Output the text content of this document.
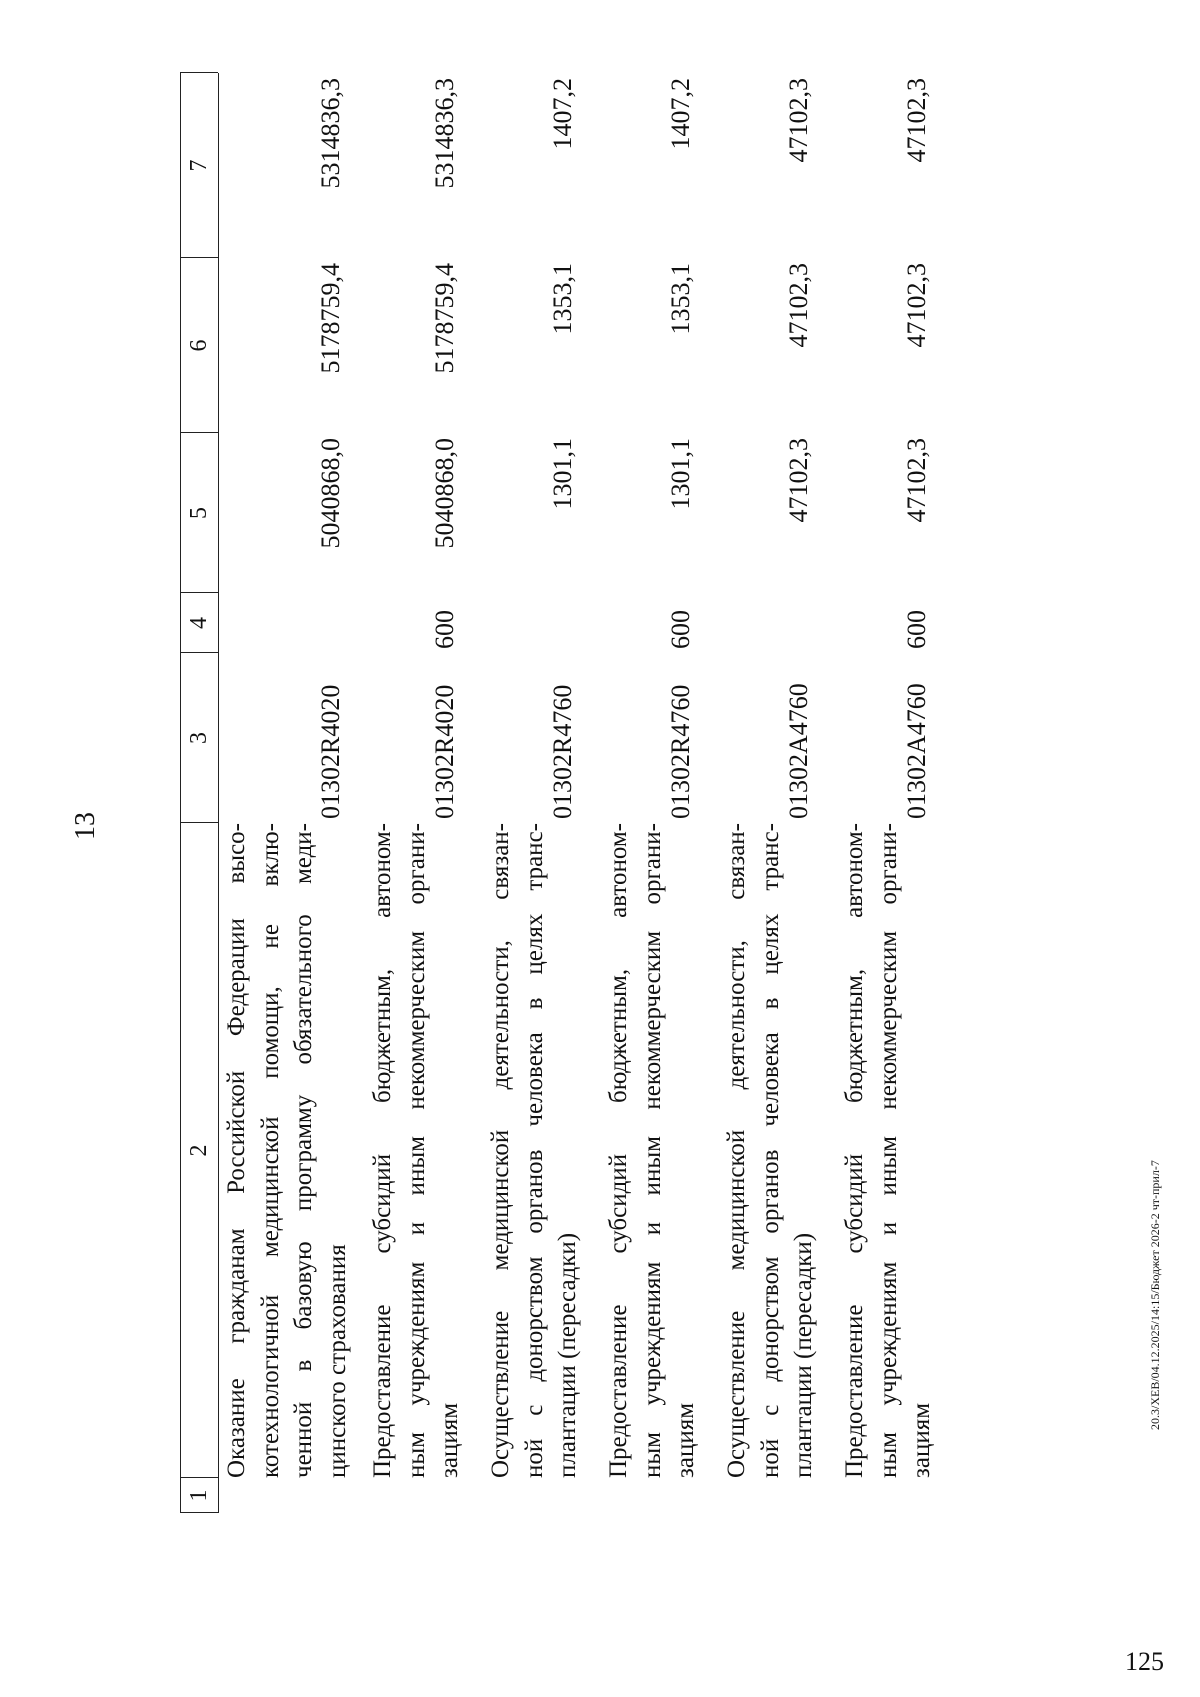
13
1
2
3
4
5
6
7
Оказание гражданам Российской Федерации высо- котехнологичной медицинской помощи, не вклю- ченной в базовую программу обязательного меди- цинского страхования
01302R4020
5040868,0
5178759,4
5314836,3
Предоставление субсидий бюджетным, автоном- ным учреждениям и иным некоммерческим органи- зациям
01302R4020
600
5040868,0
5178759,4
5314836,3
Осуществление медицинской деятельности, связан- ной с донорством органов человека в целях транс- плантации (пересадки)
01302R4760
1301,1
1353,1
1407,2
Предоставление субсидий бюджетным, автоном- ным учреждениям и иным некоммерческим органи- зациям
01302R4760
600
1301,1
1353,1
1407,2
Осуществление медицинской деятельности, связан- ной с донорством органов человека в целях транс- плантации (пересадки)
01302А4760
47102,3
47102,3
47102,3
Предоставление субсидий бюджетным, автоном- ным учреждениям и иным некоммерческим органи- зациям
01302А4760
600
47102,3
47102,3
47102,3
20.3/ХЕВ/04.12.2025/14:15/Бюджет 2026-2 чт-прил-7
125
